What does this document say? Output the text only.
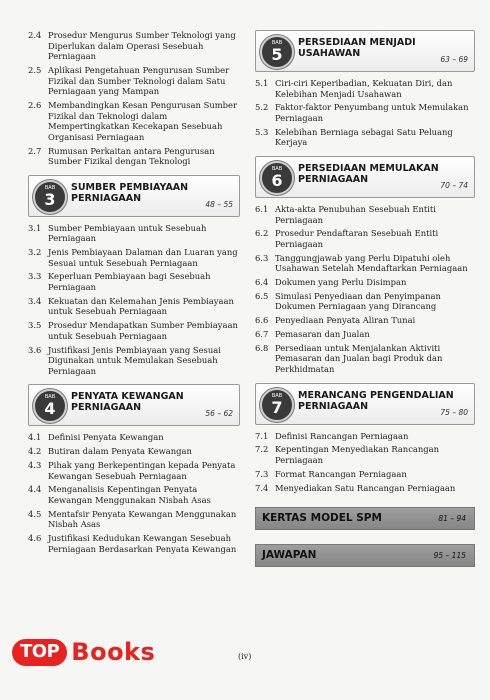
2.4 Prosedur Mengurus Sumber Teknologi yang Diperlukan dalam Operasi Sesebuah Perniagaan
2.5 Aplikasi Pengetahuan Pengurusan Sumber Fizikal dan Sumber Teknologi dalam Satu Perniagaan yang Mampan
2.6 Membandingkan Kesan Pengurusan Sumber Fizikal dan Teknologi dalam Mempertingkatkan Kecekapan Sesebuah Organisasi Perniagaan
2.7 Rumusan Perkaitan antara Pengurusan Sumber Fizikal dengan Teknologi
BAB
3
SUMBER PEMBIAYAAN
PERNIAGAAN
48 – 55
3.1 Sumber Pembiayaan untuk Sesebuah Perniagaan
3.2 Jenis Pembiayaan Dalaman dan Luaran yang Sesuai untuk Sesebuah Perniagaan
3.3 Keperluan Pembiayaan bagi Sesebuah Perniagaan
3.4 Kekuatan dan Kelemahan Jenis Pembiayaan untuk Sesebuah Perniagaan
3.5 Prosedur Mendapatkan Sumber Pembiayaan untuk Sesebuah Perniagaan
3.6 Justifikasi Jenis Pembiayaan yang Sesuai Digunakan untuk Memulakan Sesebuah Perniagaan
BAB
4
PENYATA KEWANGAN
PERNIAGAAN
56 – 62
4.1 Definisi Penyata Kewangan
4.2 Butiran dalam Penyata Kewangan
4.3 Pihak yang Berkepentingan kepada Penyata Kewangan Sesebuah Perniagaan
4.4 Menganalisis Kepentingan Penyata Kewangan Menggunakan Nisbah Asas
4.5 Mentafsir Penyata Kewangan Menggunakan Nisbah Asas
4.6 Justifikasi Kedudukan Kewangan Sesebuah Perniagaan Berdasarkan Penyata Kewangan
BAB
5
PERSEDIAAN MENJADI
USAHAWAN
63 – 69
5.1 Ciri-ciri Keperibadian, Kekuatan Diri, dan Kelebihan Menjadi Usahawan
5.2 Faktor-faktor Penyumbang untuk Memulakan Perniagaan
5.3 Kelebihan Berniaga sebagai Satu Peluang Kerjaya
BAB
6
PERSEDIAAN MEMULAKAN
PERNIAGAAN
70 – 74
6.1 Akta-akta Penubuhan Sesebuah Entiti Perniagaan
6.2 Prosedur Pendaftaran Sesebuah Entiti Perniagaan
6.3 Tanggungjawab yang Perlu Dipatuhi oleh Usahawan Setelah Mendaftarkan Perniagaan
6.4 Dokumen yang Perlu Disimpan
6.5 Simulasi Penyediaan dan Penyimpanan Dokumen Perniagaan yang Dirancang
6.6 Penyediaan Penyata Aliran Tunai
6.7 Pemasaran dan Jualan
6.8 Persediaan untuk Menjalankan Aktiviti Pemasaran dan Jualan bagi Produk dan Perkhidmatan
BAB
7
MERANCANG PENGENDALIAN
PERNIAGAAN
75 – 80
7.1 Definisi Rancangan Perniagaan
7.2 Kepentingan Menyediakan Rancangan Perniagaan
7.3 Format Rancangan Perniagaan
7.4 Menyediakan Satu Rancangan Perniagaan
KERTAS MODEL SPM	81 – 94
JAWAPAN	95 – 115
(iv)
TOP Books
